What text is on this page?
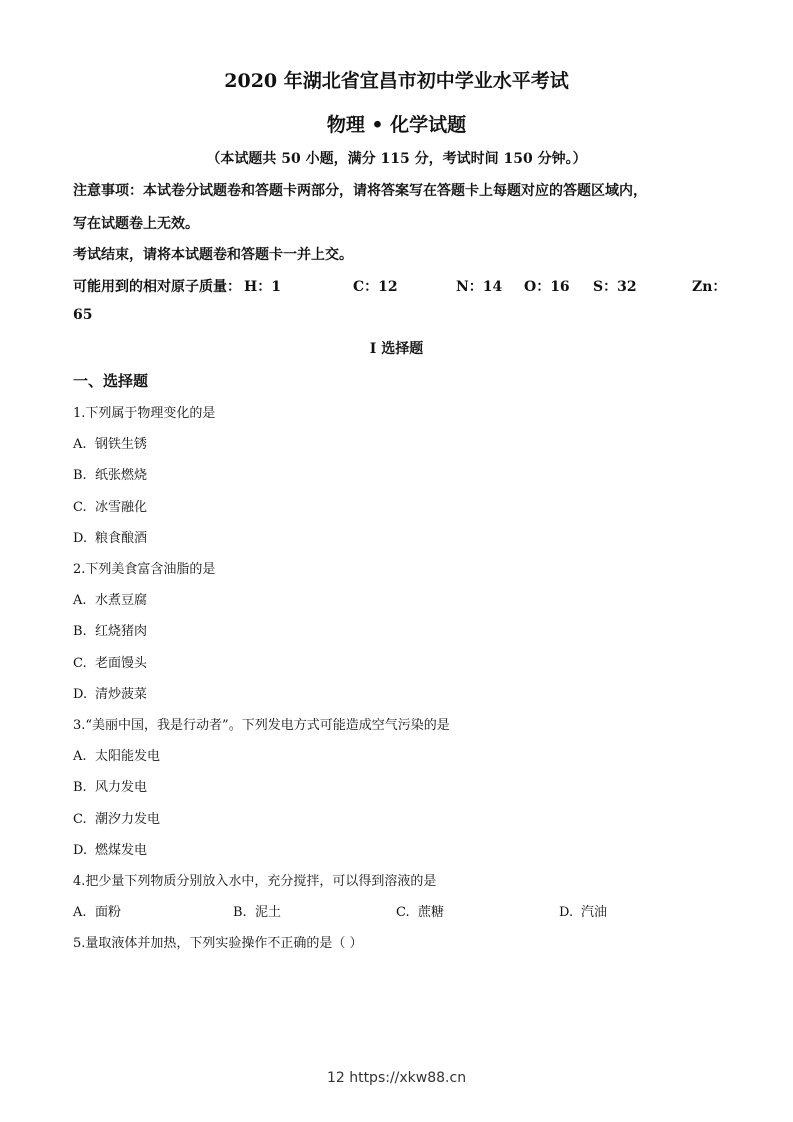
2020 年湖北省宜昌市初中学业水平考试
物理 • 化学试题
（本试题共 50 小题，满分 115 分，考试时间 150 分钟。）
注意事项：本试卷分试题卷和答题卡两部分，请将答案写在答题卡上每题对应的答题区域内，
写在试题卷上无效。
考试结束，请将本试题卷和答题卡一并上交。
可能用到的相对原子质量： H：1	C：12	N：14 O：16 S：32	Zn：
65
I 选择题
一、选择题
1.下列属于物理变化的是
A. 钢铁生锈
B. 纸张燃烧
C. 冰雪融化
D. 粮食酿酒
2.下列美食富含油脂的是
A. 水煮豆腐
B. 红烧猪肉
C. 老面馒头
D. 清炒菠菜
3.“美丽中国，我是行动者”。下列发电方式可能造成空气污染的是
A. 太阳能发电
B. 风力发电
C. 潮汐力发电
D. 燃煤发电
4.把少量下列物质分别放入水中，充分搅拌，可以得到溶液的是
A. 面粉	B. 泥土	C. 蔗糖	D. 汽油
5.量取液体并加热，下列实验操作不正确的是（ ）
12 https://xkw88.cn
